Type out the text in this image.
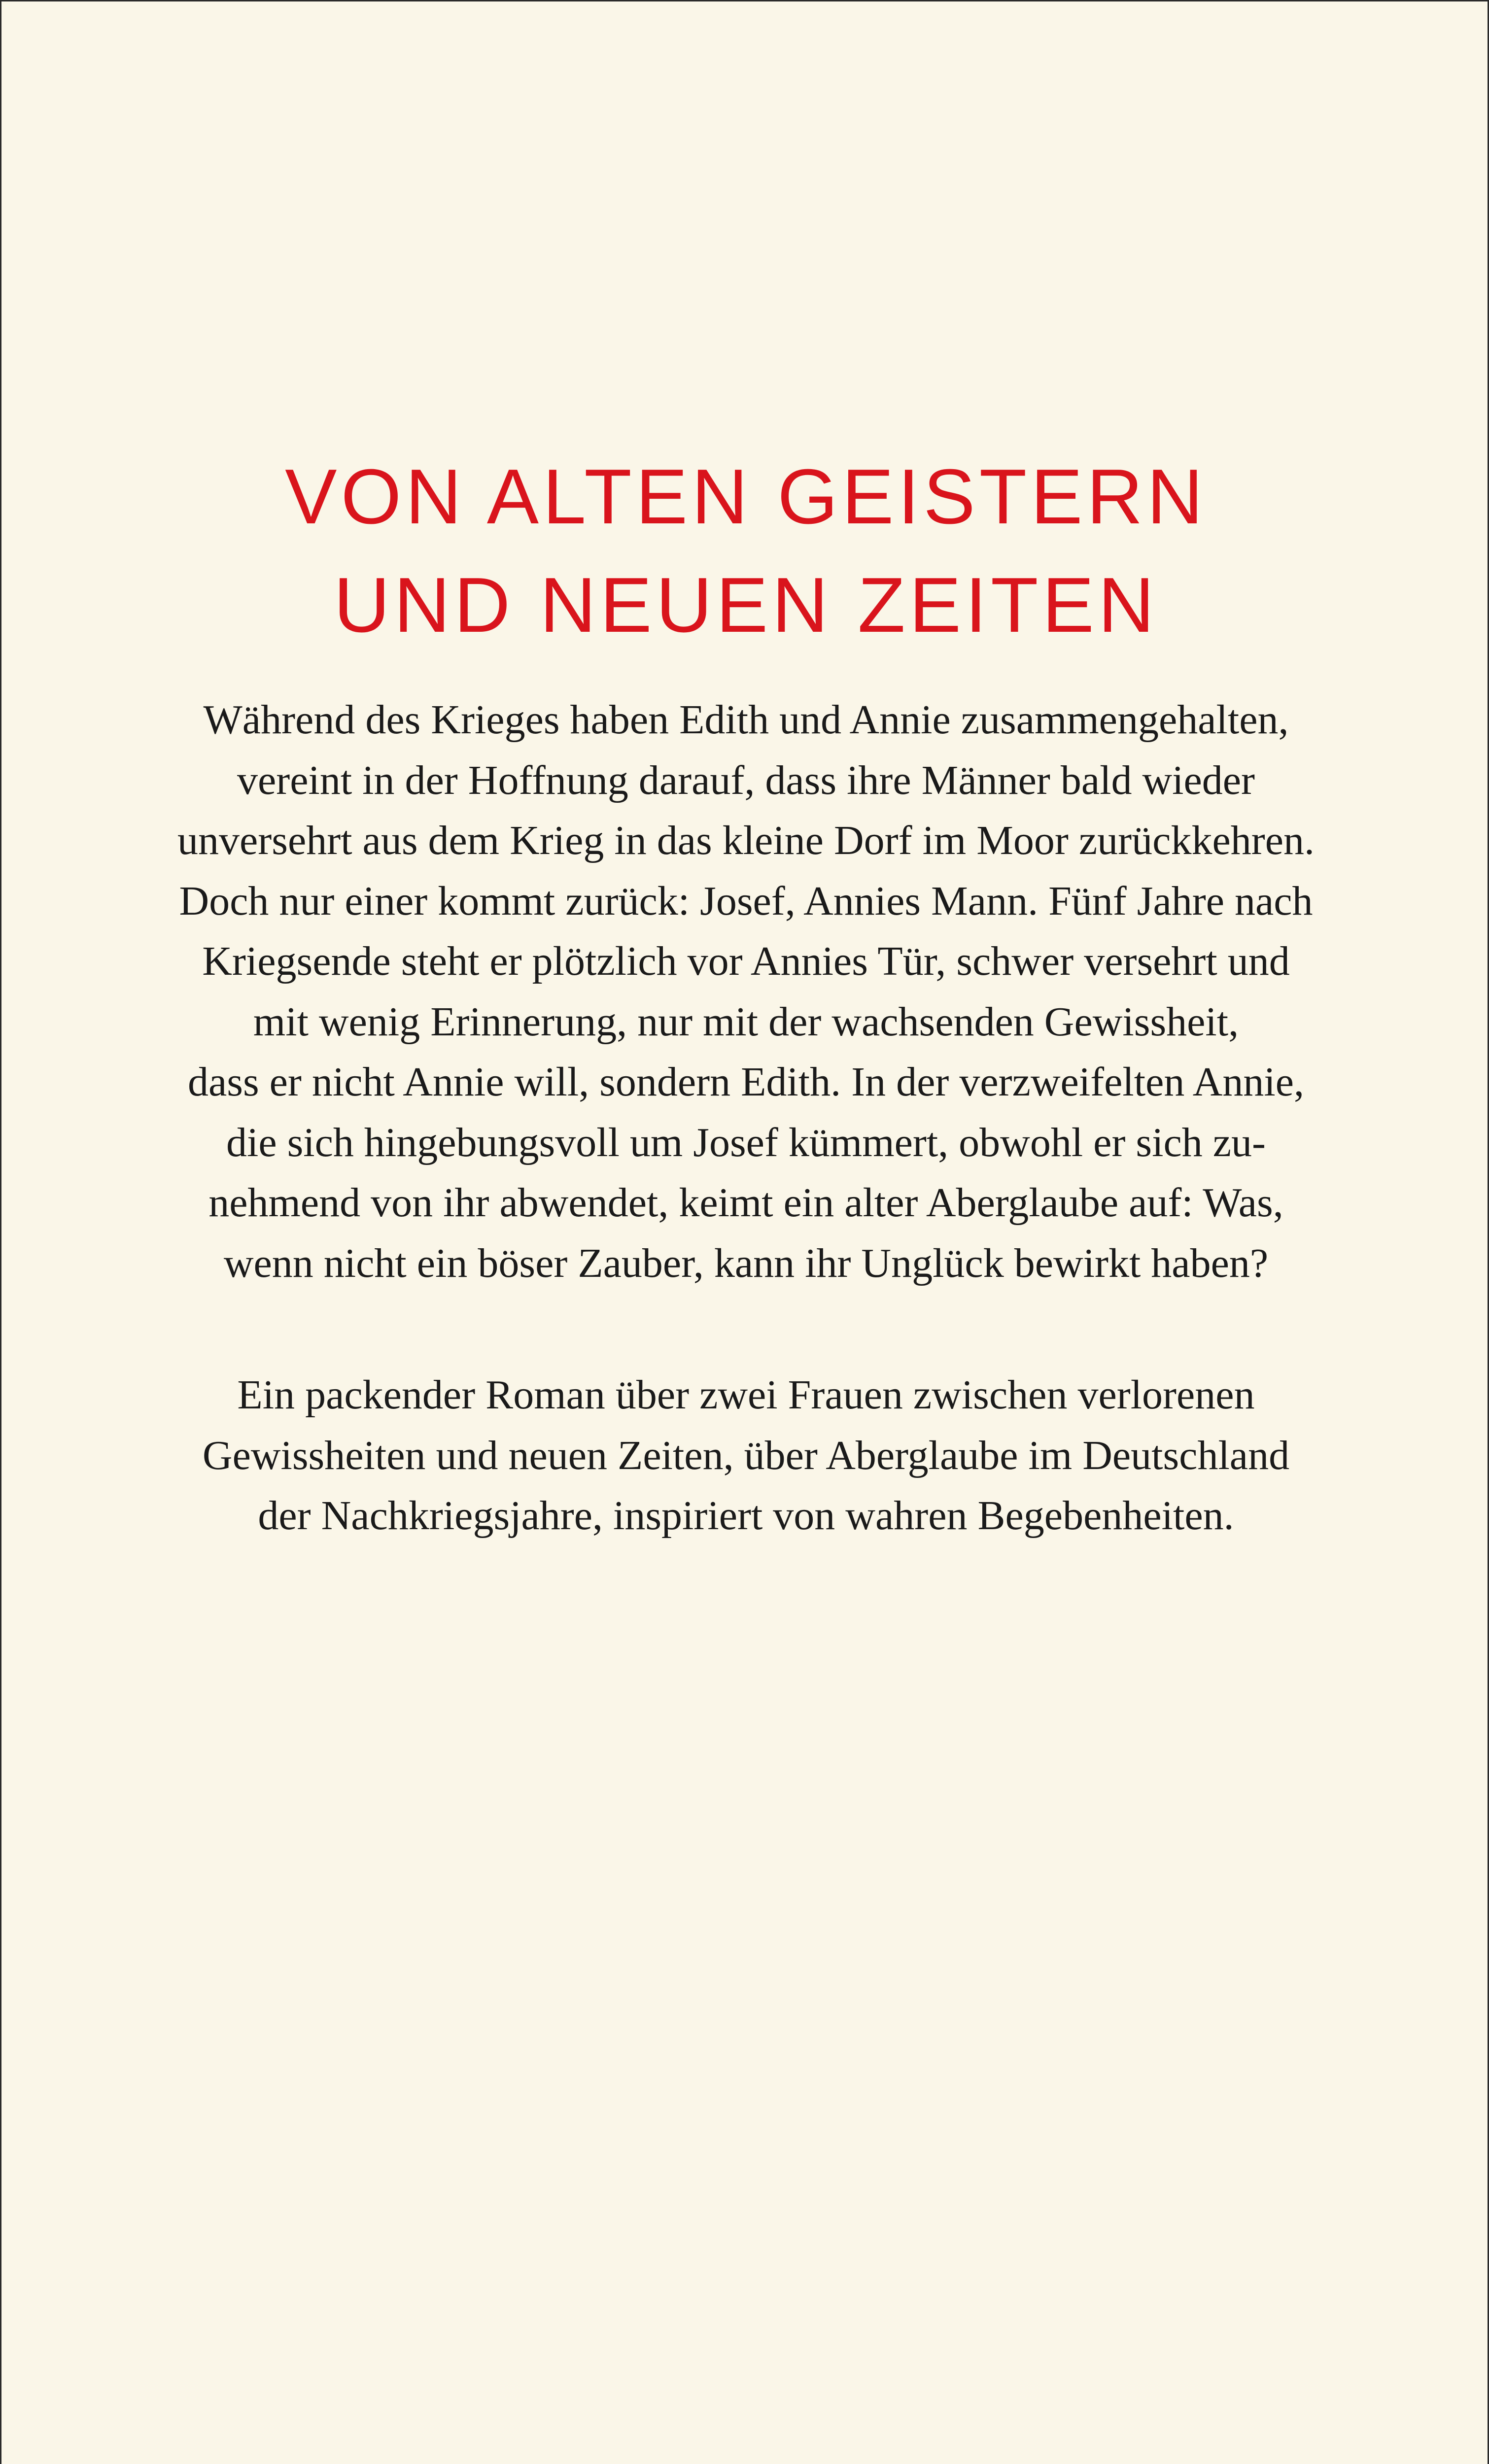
VON ALTEN GEISTERN
UND NEUEN ZEITEN
Während des Krieges haben Edith und Annie zusammengehalten,
vereint in der Hoffnung darauf, dass ihre Männer bald wieder
unversehrt aus dem Krieg in das kleine Dorf im Moor zurückkehren.
Doch nur einer kommt zurück: Josef, Annies Mann. Fünf Jahre nach
Kriegsende steht er plötzlich vor Annies Tür, schwer versehrt und
mit wenig Erinnerung, nur mit der wachsenden Gewissheit,
dass er nicht Annie will, sondern Edith. In der verzweifelten Annie,
die sich hingebungsvoll um Josef kümmert, obwohl er sich zu-
nehmend von ihr abwendet, keimt ein alter Aberglaube auf: Was,
wenn nicht ein böser Zauber, kann ihr Unglück bewirkt haben?
Ein packender Roman über zwei Frauen zwischen verlorenen
Gewissheiten und neuen Zeiten, über Aberglaube im Deutschland
der Nachkriegsjahre, inspiriert von wahren Begebenheiten.
